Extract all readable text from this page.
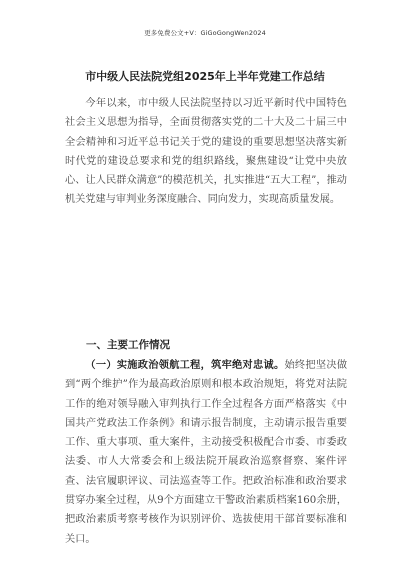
更多免费公文+V：GiGoGongWen2024
市中级人民法院党组2025年上半年党建工作总结

今年以来，市中级人民法院坚持以习近平新时代中国特色社会主义思想为指导，全面贯彻落实党的二十大及二十届三中全会精神和习近平总书记关于党的建设的重要思想坚决落实新时代党的建设总要求和党的组织路线，聚焦建设“让党中央放心、让人民群众满意”的模范机关，扎实推进“五大工程”，推动机关党建与审判业务深度融合、同向发力，实现高质量发展。

一、主要工作情况

（一）实施政治领航工程，筑牢绝对忠诚。始终把坚决做到“两个维护”作为最高政治原则和根本政治规矩，将党对法院工作的绝对领导融入审判执行工作全过程各方面严格落实《中国共产党政法工作条例》和请示报告制度，主动请示报告重要工作、重大事项、重大案件，主动接受积极配合市委、市委政法委、市人大常委会和上级法院开展政治巡察督察、案件评查、法官履职评议、司法巡查等工作。把政治标准和政治要求贯穿办案全过程，从9个方面建立干警政治素质档案160余册，把政治素质考察考核作为识别评价、选拔使用干部首要标准和关口。
